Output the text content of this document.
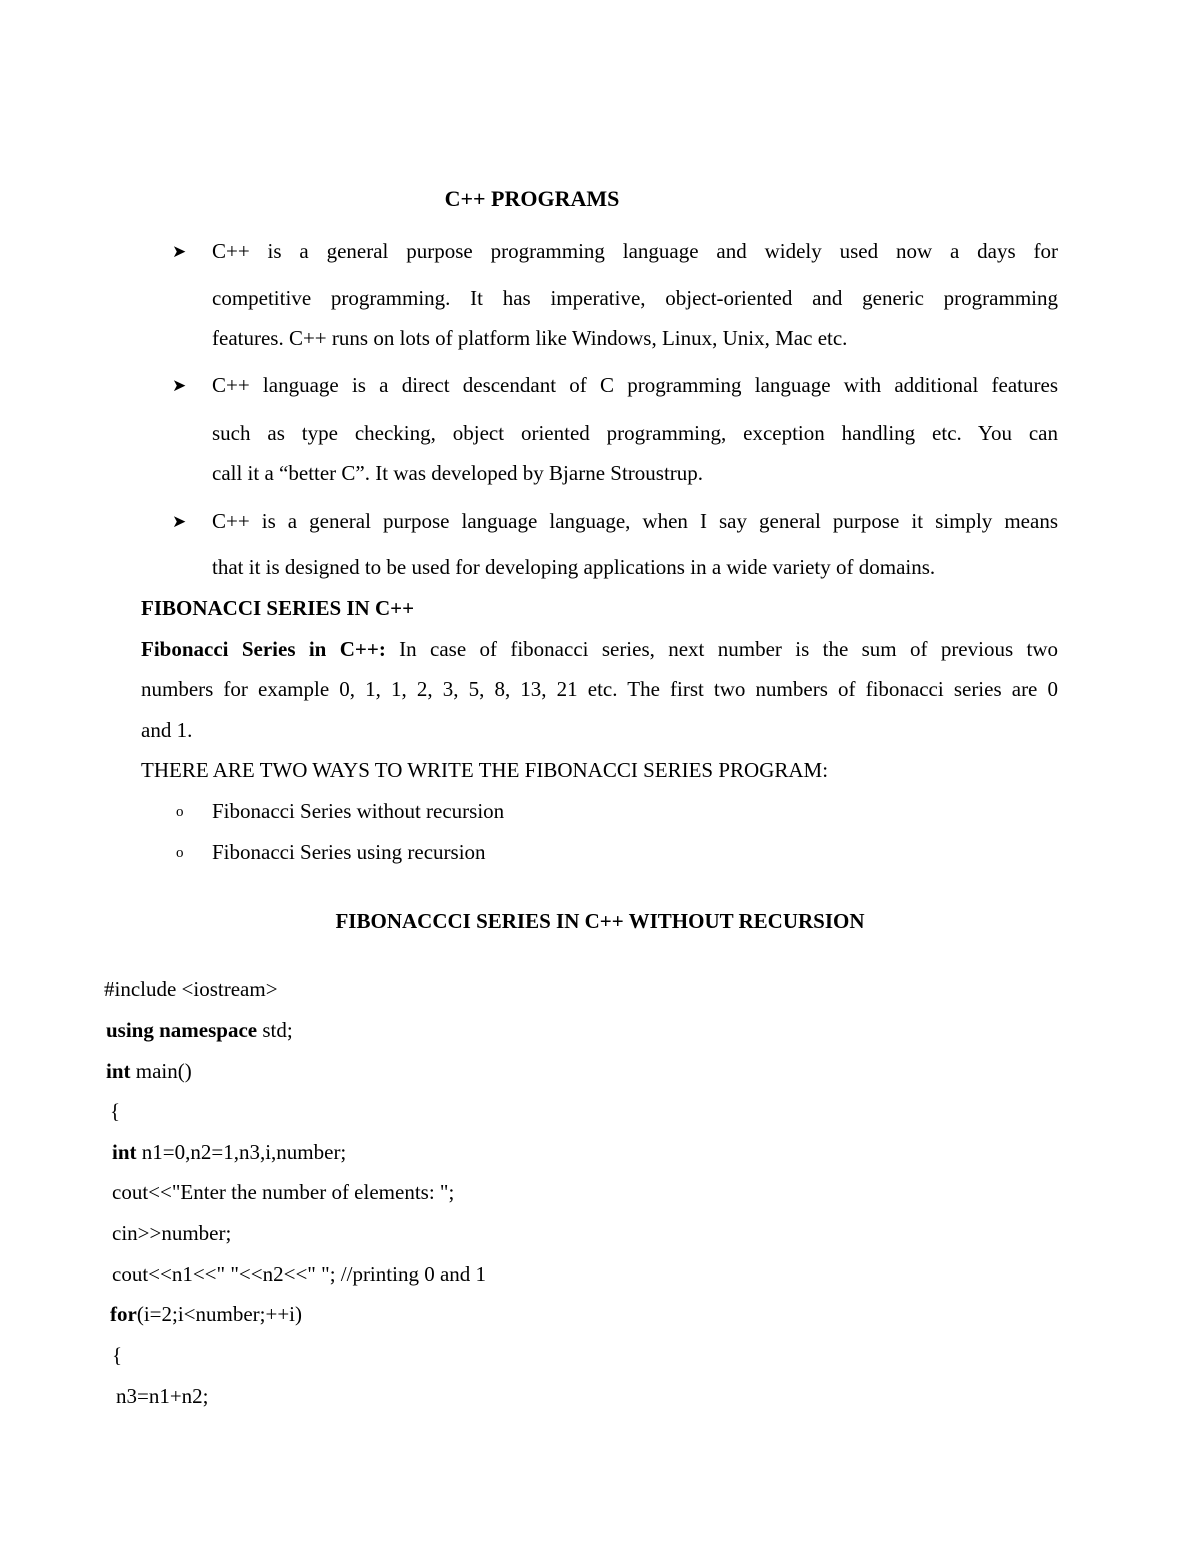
C++ PROGRAMS
➤ C++ is a general purpose programming language and widely used now a days for
competitive programming. It has imperative, object-oriented and generic programming
features. C++ runs on lots of platform like Windows, Linux, Unix, Mac etc.
➤ C++ language is a direct descendant of C programming language with additional features
such as type checking, object oriented programming, exception handling etc. You can
call it a “better C”. It was developed by Bjarne Stroustrup.
➤ C++ is a general purpose language language, when I say general purpose it simply means
that it is designed to be used for developing applications in a wide variety of domains.
FIBONACCI SERIES IN C++
Fibonacci Series in C++: In case of fibonacci series, next number is the sum of previous two
numbers for example 0, 1, 1, 2, 3, 5, 8, 13, 21 etc. The first two numbers of fibonacci series are 0
and 1.
THERE ARE TWO WAYS TO WRITE THE FIBONACCI SERIES PROGRAM:
o Fibonacci Series without recursion
o Fibonacci Series using recursion
FIBONACCCI SERIES IN C++ WITHOUT RECURSION
#include <iostream>
using namespace std;
int main()
{
int n1=0,n2=1,n3,i,number;
cout<<"Enter the number of elements: ";
cin>>number;
cout<<n1<<" "<<n2<<" "; //printing 0 and 1
for(i=2;i<number;++i)
{
n3=n1+n2;
